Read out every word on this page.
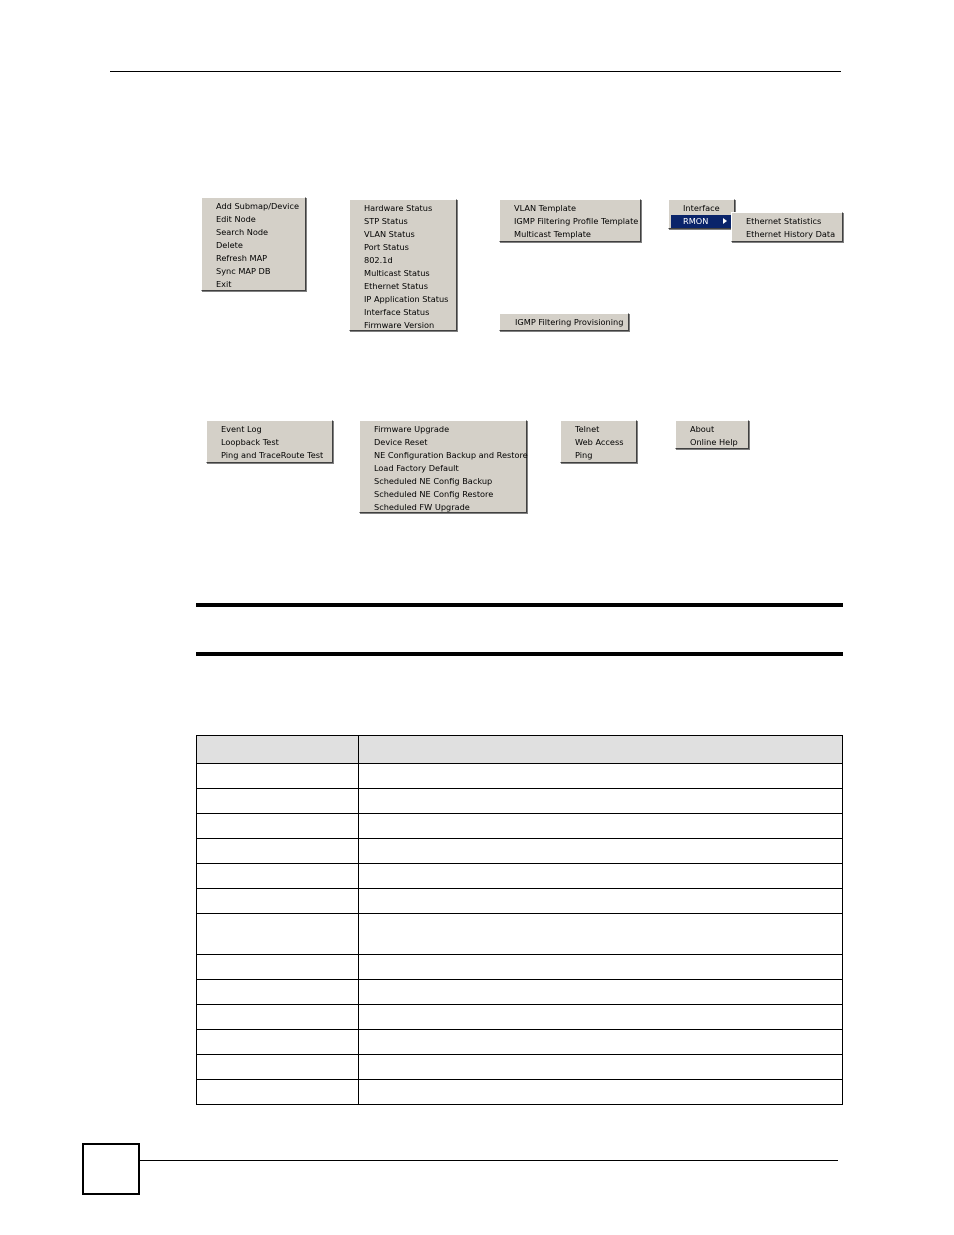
Add Submap/Device
Edit Node
Search Node
Delete
Refresh MAP
Sync MAP DB
Exit
Hardware Status
STP Status
VLAN Status
Port Status
802.1d
Multicast Status
Ethernet Status
IP Application Status
Interface Status
Firmware Version
VLAN Template
IGMP Filtering Profile Template
Multicast Template
IGMP Filtering Provisioning
Interface
RMON	Ethernet Statistics
Ethernet History Data
Event Log
Loopback Test
Ping and TraceRoute Test
Firmware Upgrade
Device Reset
NE Configuration Backup and Restore
Load Factory Default
Scheduled NE Config Backup
Scheduled NE Config Restore
Scheduled FW Upgrade
Telnet
Web Access
Ping
About
Online Help
